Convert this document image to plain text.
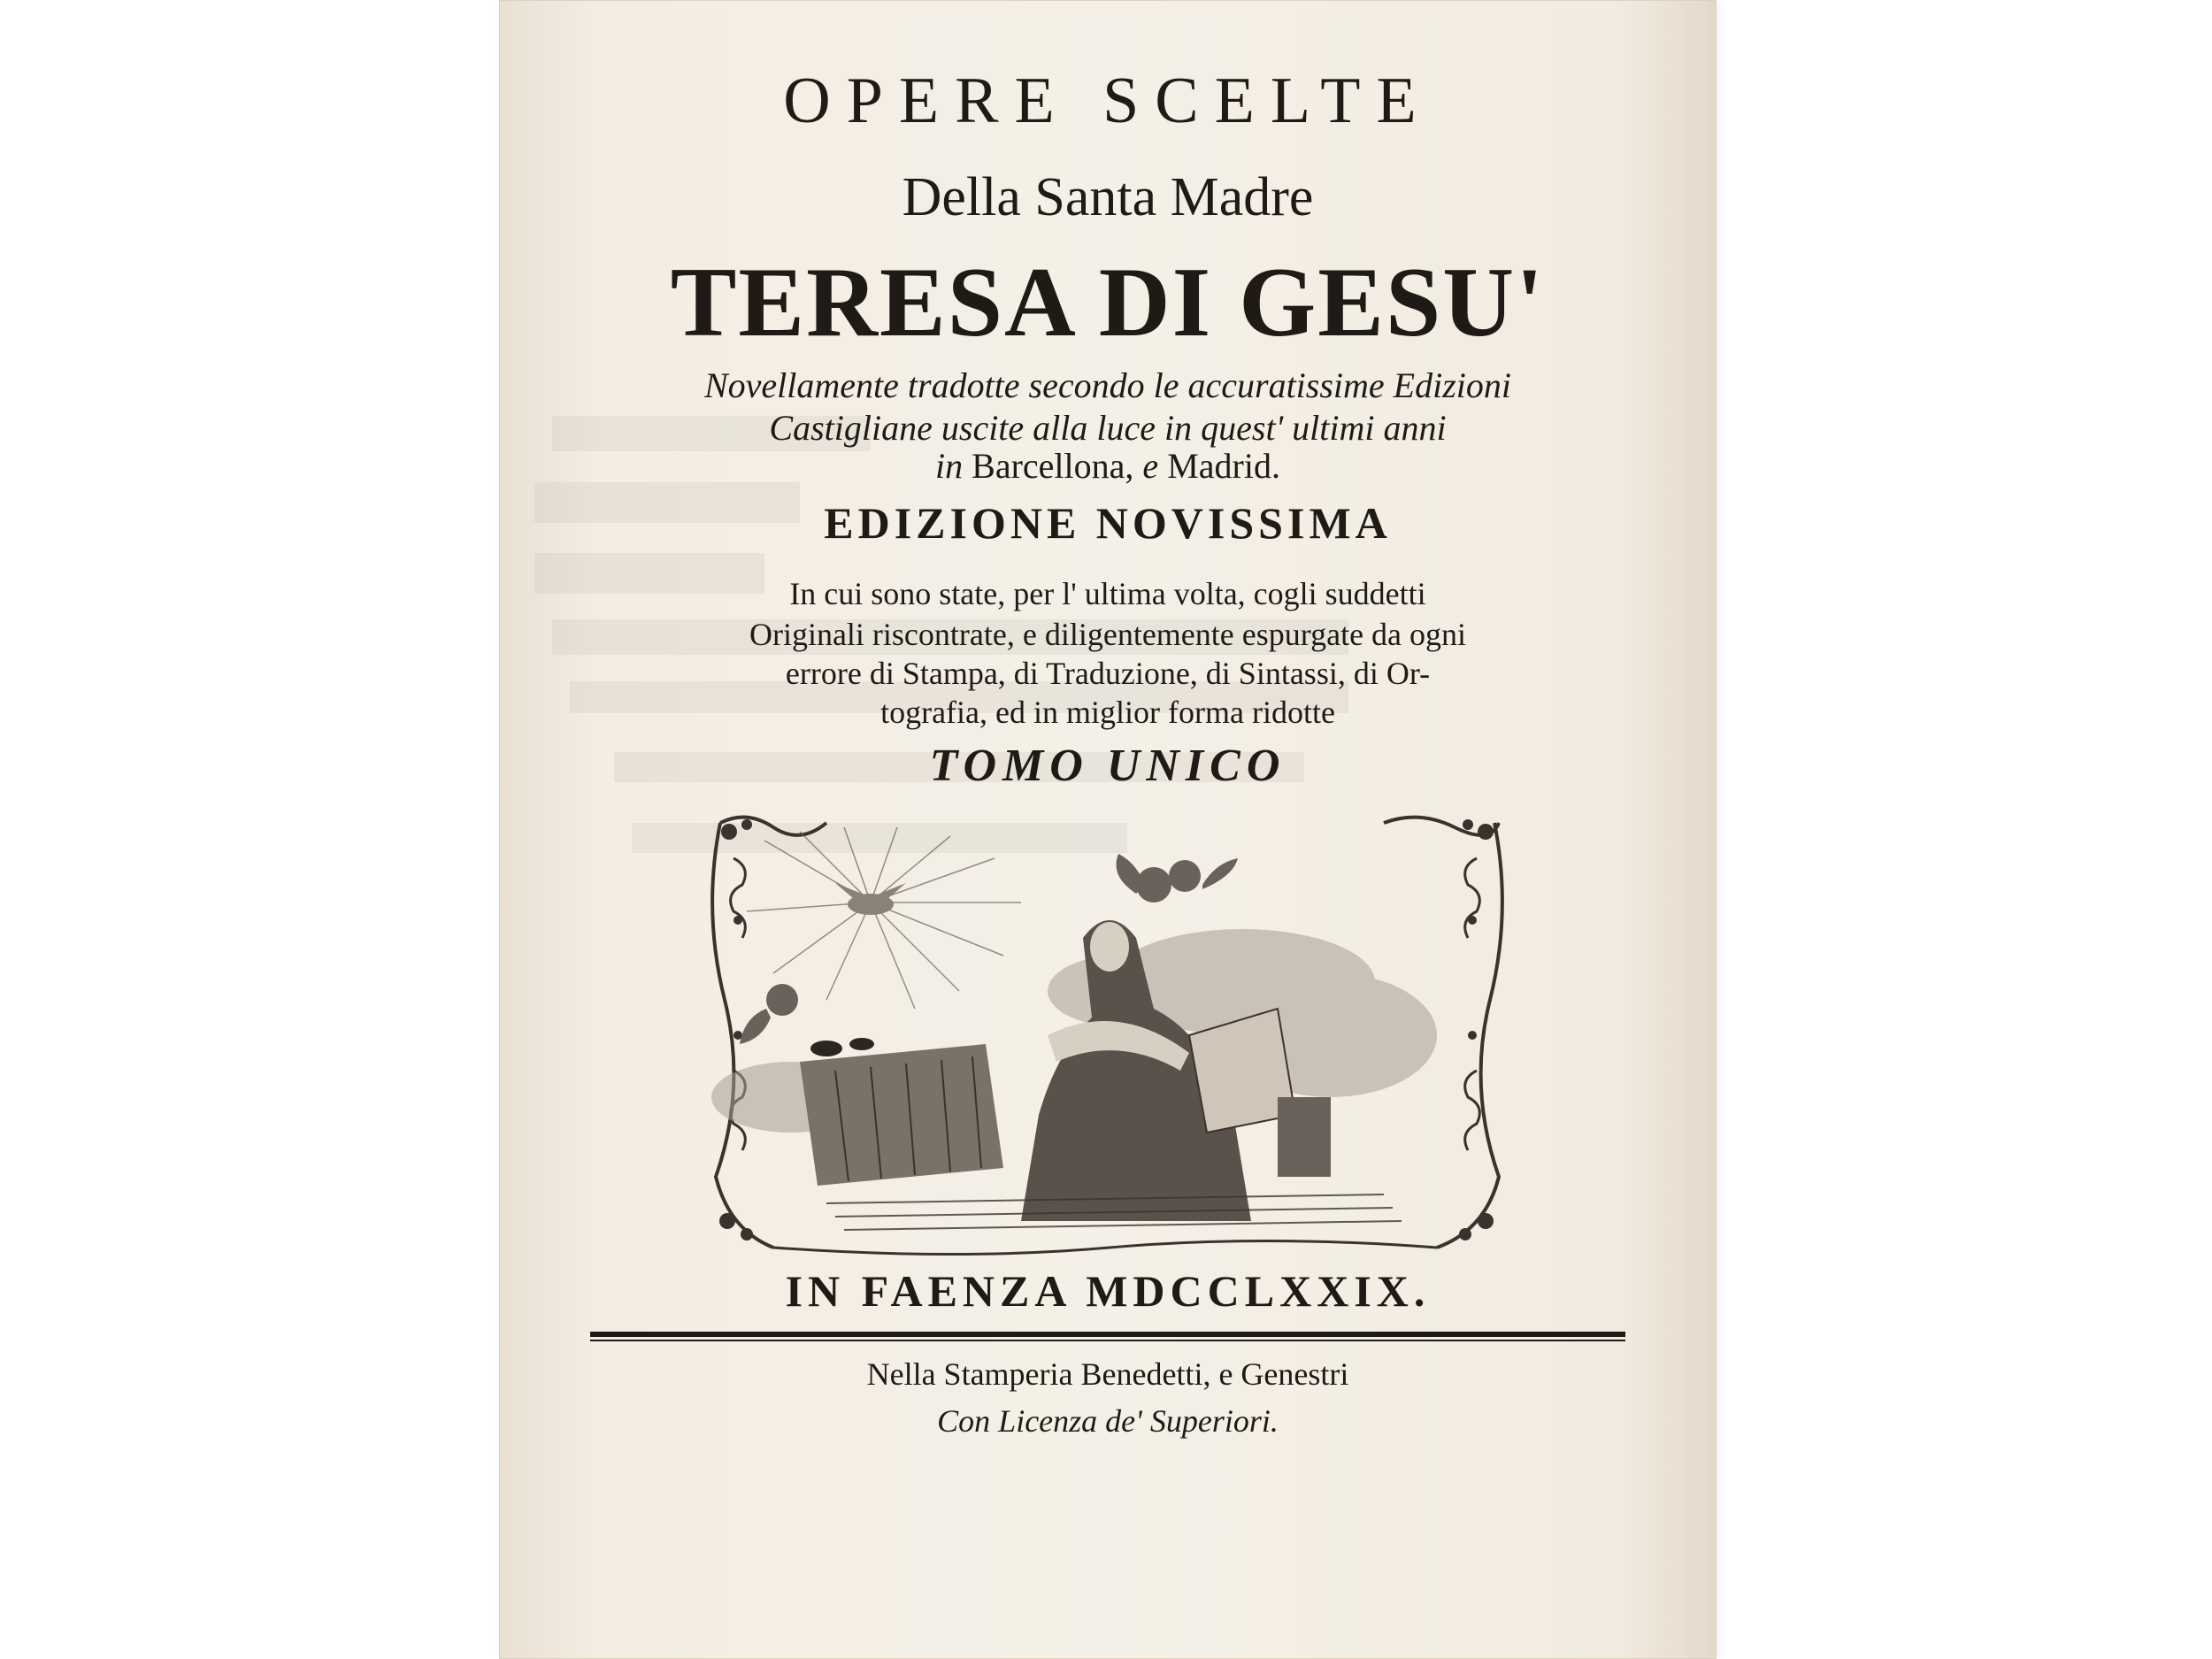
OPERE SCELTE

Della Santa Madre

TERESA DI GESU'

Novellamente tradotte secondo le accuratissime Edizioni

Castigliane uscite alla luce in quest' ultimi anni

in Barcellona, e Madrid.

EDIZIONE NOVISSIMA

In cui sono state, per l' ultima volta, cogli suddetti

Originali riscontrate, e diligentemente espurgate da ogni

errore di Stampa, di Traduzione, di Sintassi, di Or-

tografia, ed in miglior forma ridotte

TOMO UNICO

IN FAENZA MDCCLXXIX.

Nella Stamperia Benedetti, e Genestri

Con Licenza de' Superiori.
